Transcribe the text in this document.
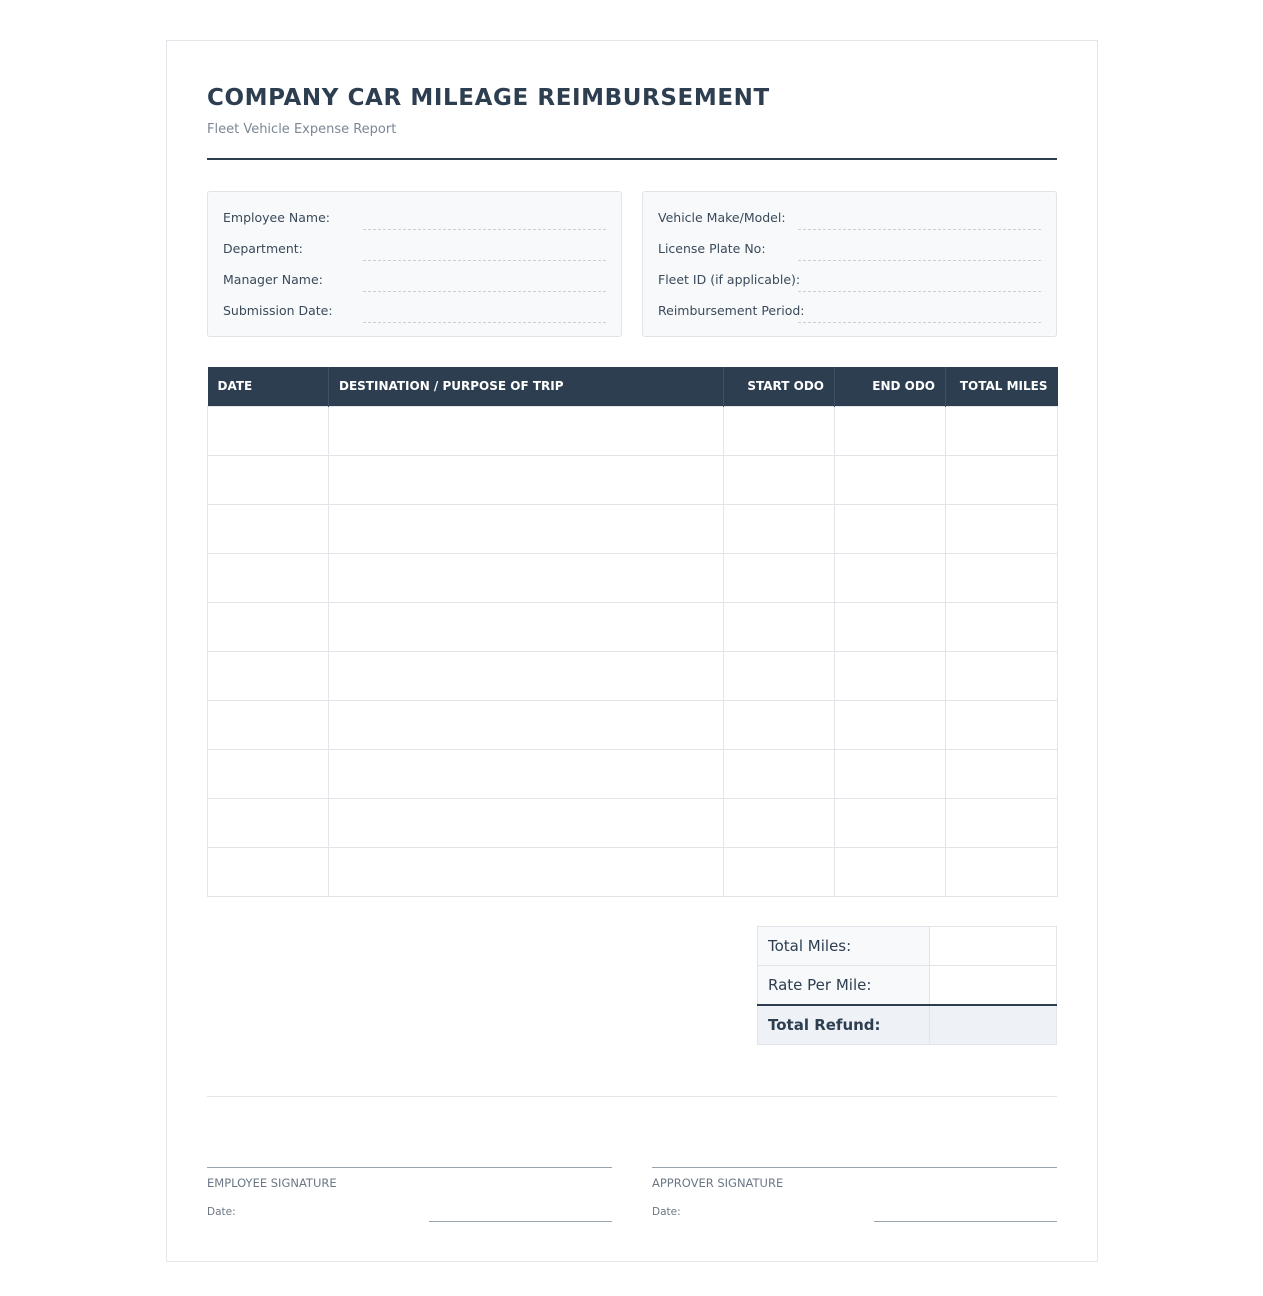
COMPANY CAR MILEAGE REIMBURSEMENT
Fleet Vehicle Expense Report
Employee Name:
Department:
Manager Name:
Submission Date:
Vehicle Make/Model:
License Plate No:
Fleet ID (if applicable):
Reimbursement Period:
DATE	DESTINATION / PURPOSE OF TRIP	START ODO	END ODO	TOTAL MILES

Total Miles:	
Rate Per Mile:	
Total Refund:	
EMPLOYEE SIGNATURE
Date:
APPROVER SIGNATURE
Date:
